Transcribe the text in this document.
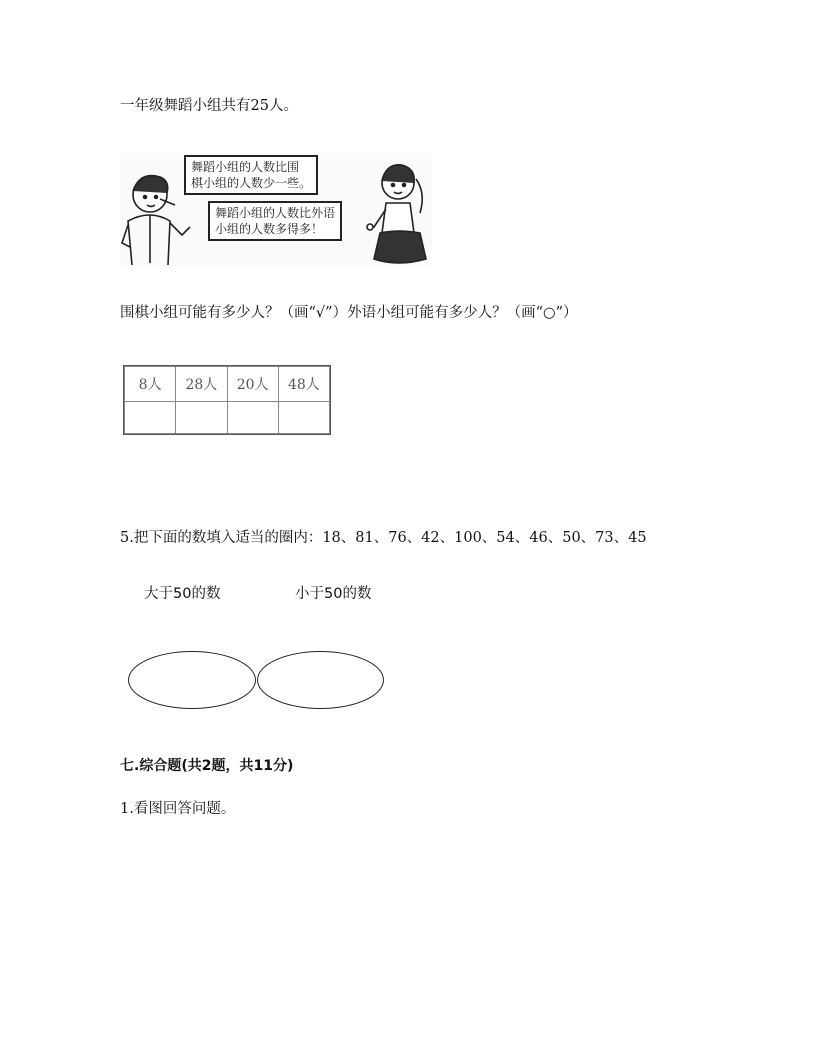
一年级舞蹈小组共有25人。
舞蹈小组的人数比围
棋小组的人数少一些。
舞蹈小组的人数比外语
小组的人数多得多！
围棋小组可能有多少人？（画“√”）外语小组可能有多少人？（画“○”）
8人	28人	20人	48人

5.把下面的数填入适当的圈内：18、81、76、42、100、54、46、50、73、45
大于50的数	小于50的数
七.综合题(共2题，共11分)
1.看图回答问题。
